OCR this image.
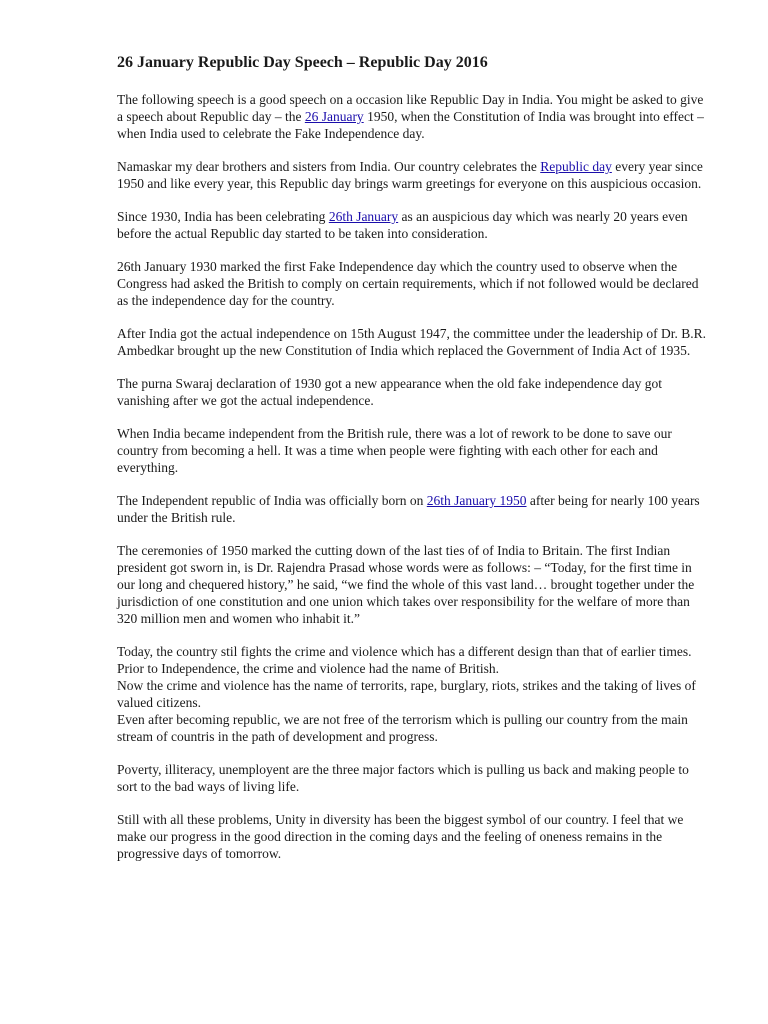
26 January Republic Day Speech – Republic Day 2016

The following speech is a good speech on a occasion like Republic Day in India. You might be asked to give a speech about Republic day – the 26 January 1950, when the Constitution of India was brought into effect – when India used to celebrate the Fake Independence day.

Namaskar my dear brothers and sisters from India. Our country celebrates the Republic day every year since 1950 and like every year, this Republic day brings warm greetings for everyone on this auspicious occasion.

Since 1930, India has been celebrating 26th January as an auspicious day which was nearly 20 years even before the actual Republic day started to be taken into consideration.

26th January 1930 marked the first Fake Independence day which the country used to observe when the Congress had asked the British to comply on certain requirements, which if not followed would be declared as the independence day for the country.

After India got the actual independence on 15th August 1947, the committee under the leadership of Dr. B.R. Ambedkar brought up the new Constitution of India which replaced the Government of India Act of 1935.

The purna Swaraj declaration of 1930 got a new appearance when the old fake independence day got vanishing after we got the actual independence.

When India became independent from the British rule, there was a lot of rework to be done to save our country from becoming a hell. It was a time when people were fighting with each other for each and everything.

The Independent republic of India was officially born on 26th January 1950 after being for nearly 100 years under the British rule.

The ceremonies of 1950 marked the cutting down of the last ties of of India to Britain. The first Indian president got sworn in, is Dr. Rajendra Prasad whose words were as follows: – “Today, for the first time in our long and chequered history,” he said, “we find the whole of this vast land… brought together under the jurisdiction of one constitution and one union which takes over responsibility for the welfare of more than 320 million men and women who inhabit it.”

Today, the country stil fights the crime and violence which has a different design than that of earlier times.
Prior to Independence, the crime and violence had the name of British.
Now the crime and violence has the name of terrorits, rape, burglary, riots, strikes and the taking of lives of valued citizens.
Even after becoming republic, we are not free of the terrorism which is pulling our country from the main stream of countris in the path of development and progress.

Poverty, illiteracy, unemployent are the three major factors which is pulling us back and making people to sort to the bad ways of living life.

Still with all these problems, Unity in diversity has been the biggest symbol of our country. I feel that we make our progress in the good direction in the coming days and the feeling of oneness remains in the progressive days of tomorrow.
